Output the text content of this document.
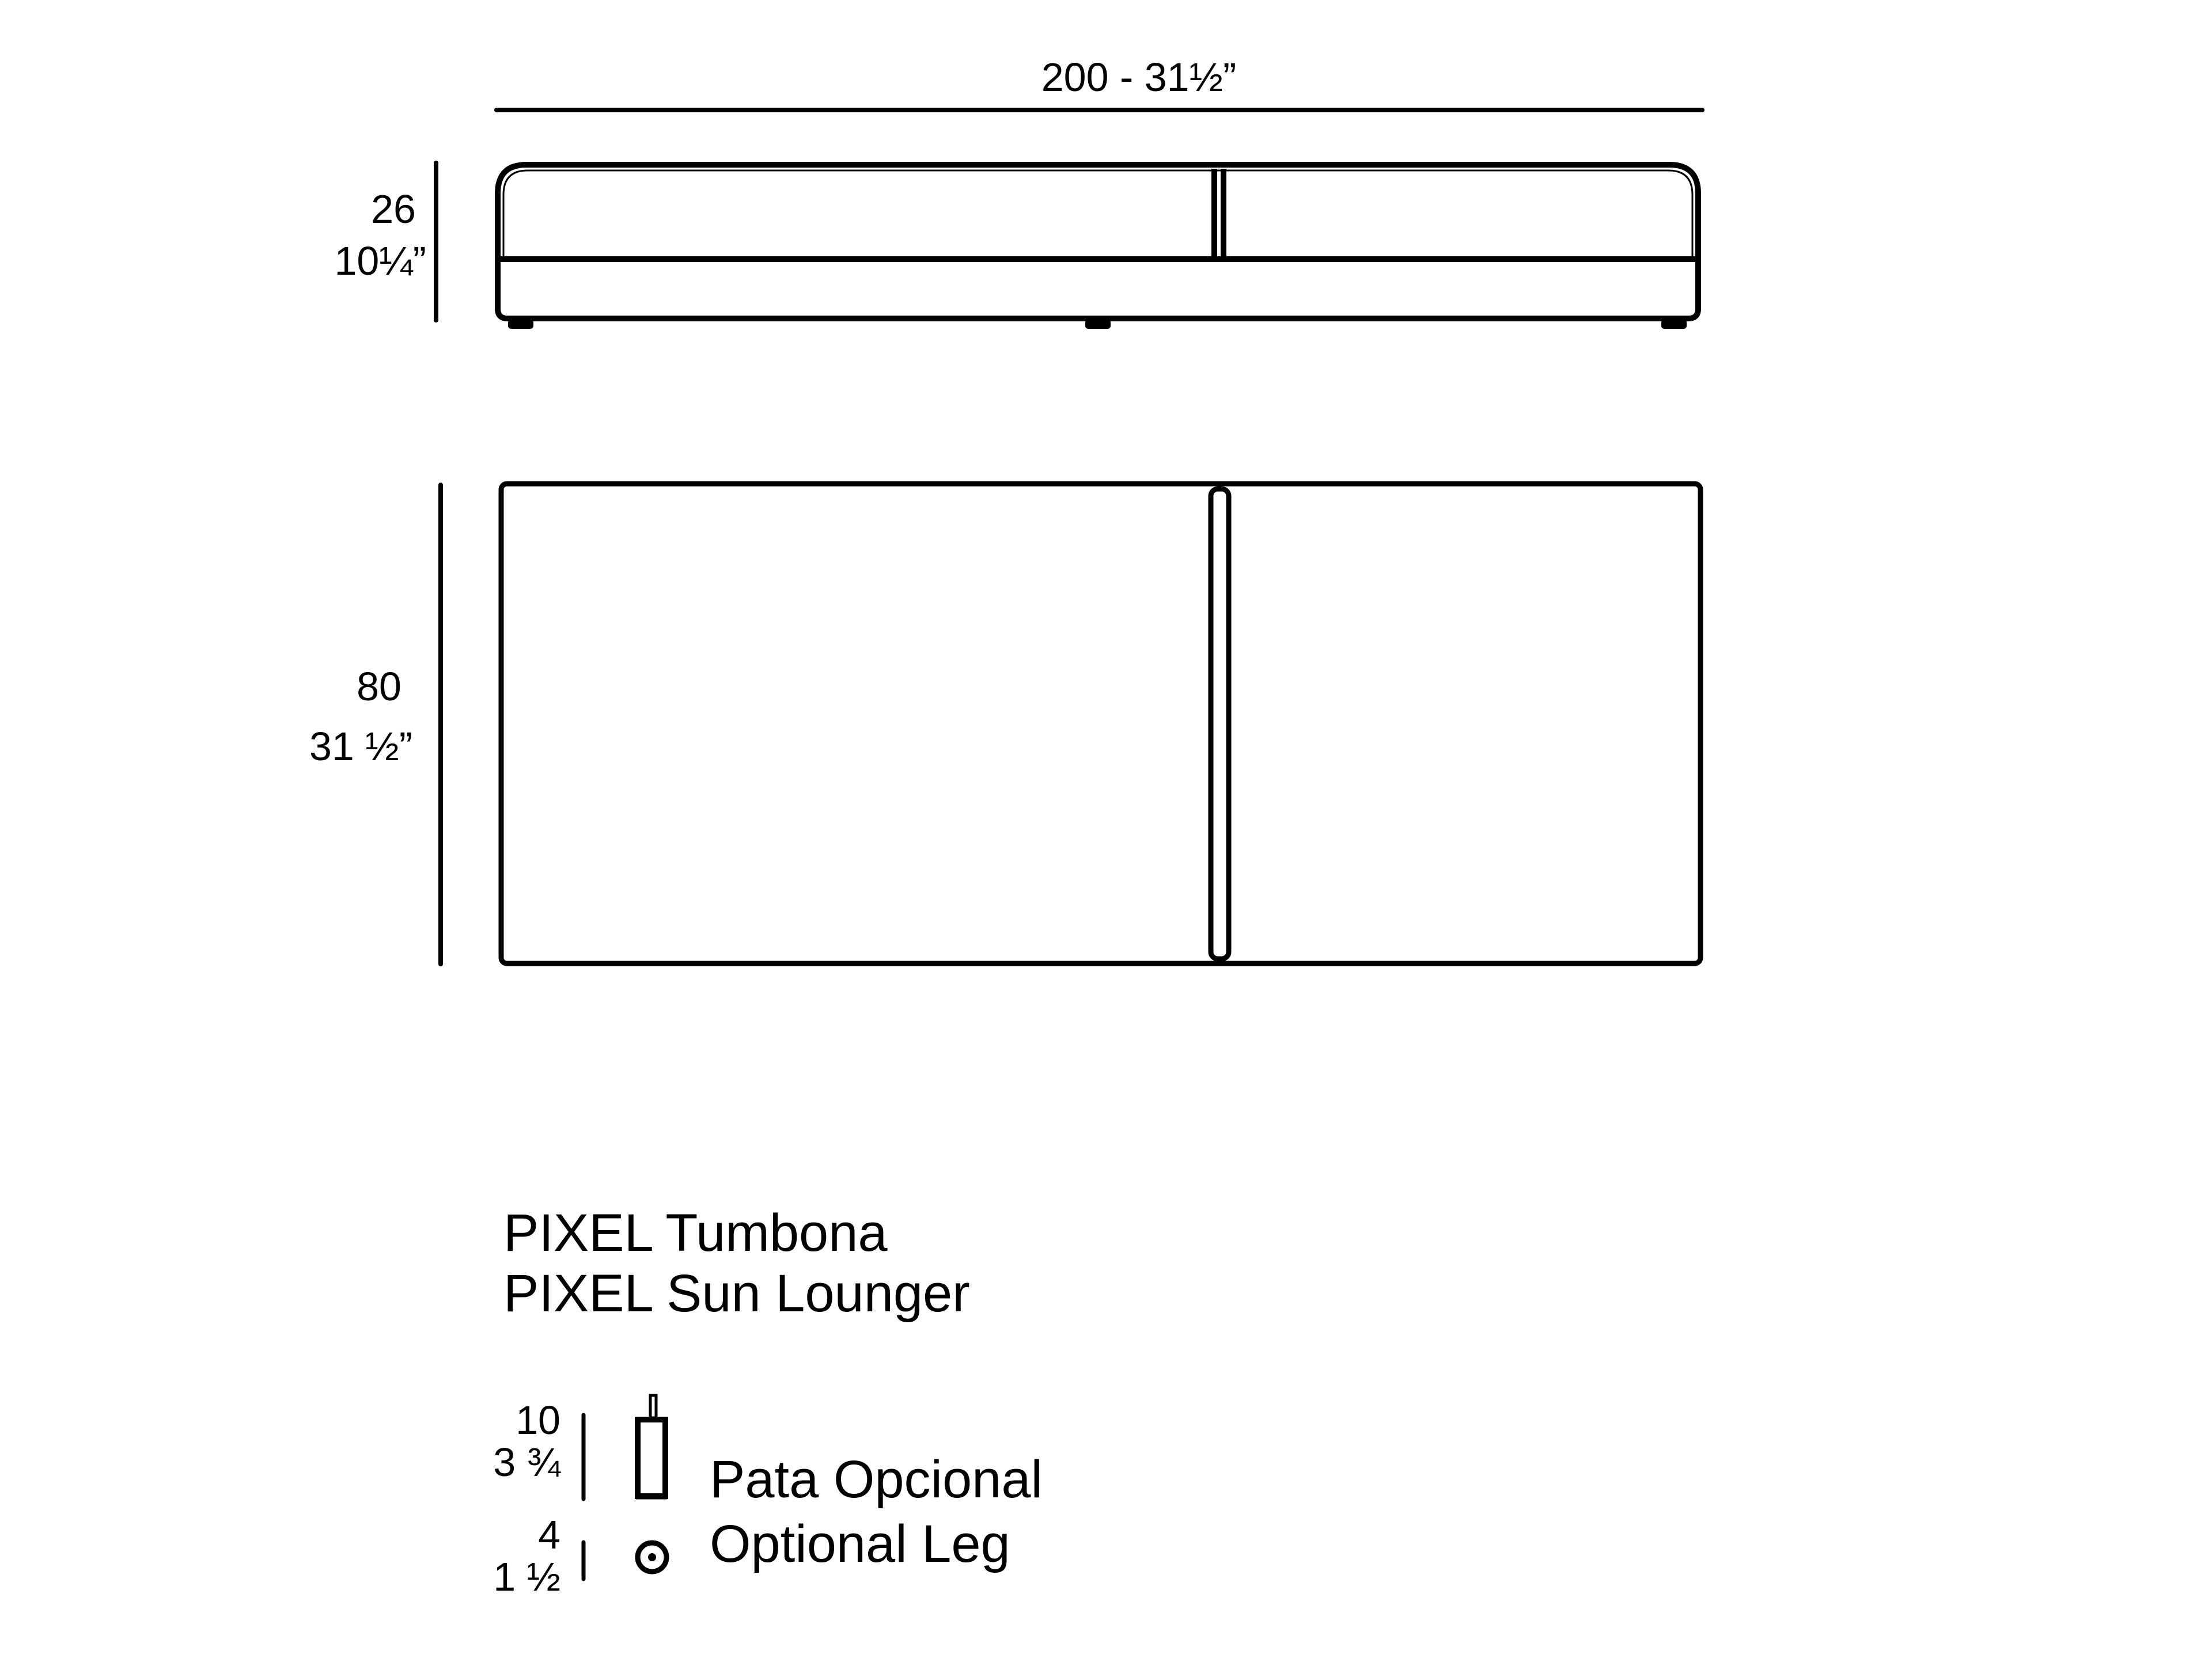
200 - 31½”
26
10¼”
80
31 ½”
PIXEL Tumbona
PIXEL Sun Lounger
10
3 ¾
4
1 ½
Pata Opcional
Optional Leg
